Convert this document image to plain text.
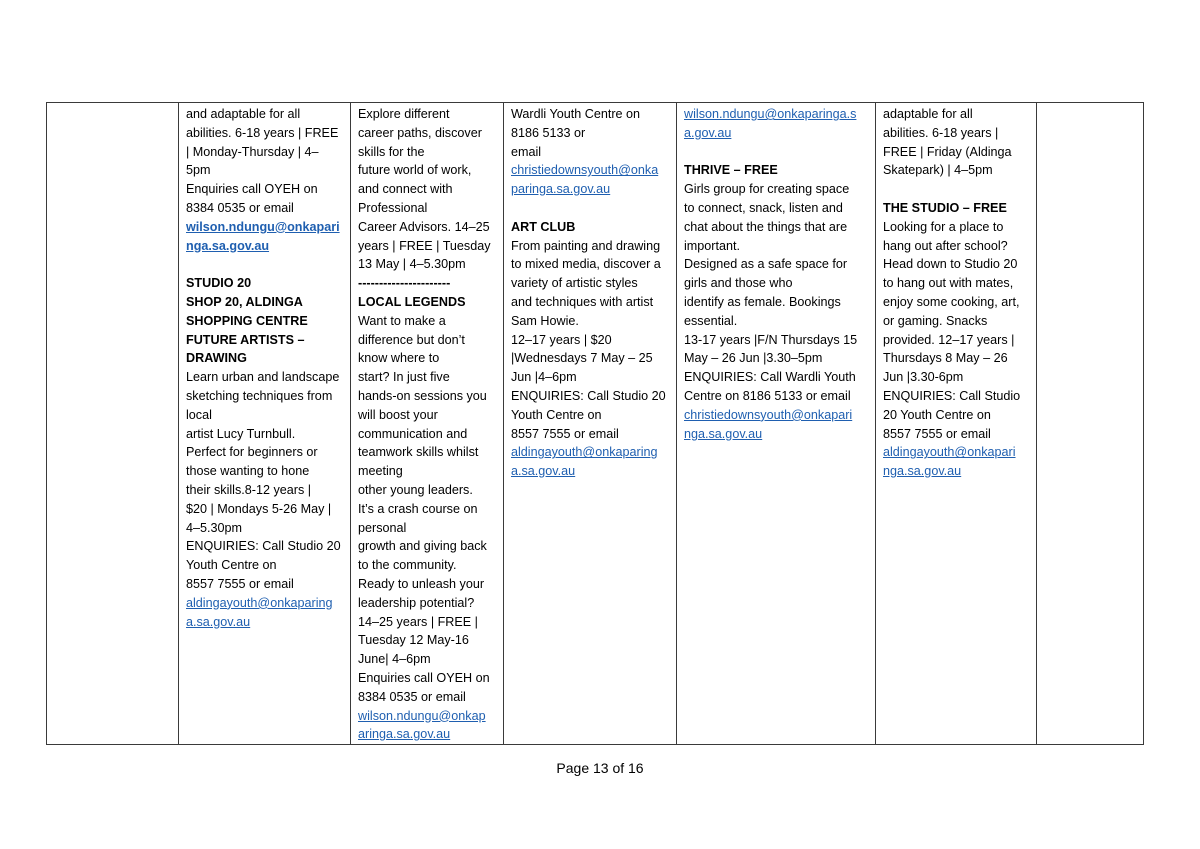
and adaptable for all
abilities. 6-18 years | FREE
| Monday-Thursday | 4–
5pm
Enquiries call OYEH on
8384 0535 or email
wilson.ndungu@onkapari
nga.sa.gov.au
STUDIO 20
SHOP 20, ALDINGA
SHOPPING CENTRE
FUTURE ARTISTS –
DRAWING
Learn urban and landscape
sketching techniques from
local
artist Lucy Turnbull.
Perfect for beginners or
those wanting to hone
their skills.8-12 years |
$20 | Mondays 5-26 May |
4–5.30pm
ENQUIRIES: Call Studio 20
Youth Centre on
8557 7555 or email
aldingayouth@onkaparing
a.sa.gov.au

Explore different
career paths, discover
skills for the
future world of work,
and connect with
Professional
Career Advisors. 14–25
years | FREE | Tuesday
13 May | 4–5.30pm
----------------------
LOCAL LEGENDS
Want to make a
difference but don’t
know where to
start? In just five
hands-on sessions you
will boost your
communication and
teamwork skills whilst
meeting
other young leaders.
It’s a crash course on
personal
growth and giving back
to the community.
Ready to unleash your
leadership potential?
14–25 years | FREE |
Tuesday 12 May-16
June| 4–6pm
Enquiries call OYEH on
8384 0535 or email
wilson.ndungu@onkap
aringa.sa.gov.au

Wardli Youth Centre on
8186 5133 or
email
christiedownsyouth@onka
paringa.sa.gov.au
ART CLUB
From painting and drawing
to mixed media, discover a
variety of artistic styles
and techniques with artist
Sam Howie.
12–17 years | $20
|Wednesdays 7 May – 25
Jun |4–6pm
ENQUIRIES: Call Studio 20
Youth Centre on
8557 7555 or email
aldingayouth@onkaparing
a.sa.gov.au

wilson.ndungu@onkaparinga.s
a.gov.au
THRIVE – FREE
Girls group for creating space
to connect, snack, listen and
chat about the things that are
important.
Designed as a safe space for
girls and those who
identify as female. Bookings
essential.
13-17 years |F/N Thursdays 15
May – 26 Jun |3.30–5pm
ENQUIRIES: Call Wardli Youth
Centre on 8186 5133 or email
christiedownsyouth@onkapari
nga.sa.gov.au

adaptable for all
abilities. 6-18 years |
FREE | Friday (Aldinga
Skatepark) | 4–5pm
THE STUDIO – FREE
Looking for a place to
hang out after school?
Head down to Studio 20
to hang out with mates,
enjoy some cooking, art,
or gaming. Snacks
provided. 12–17 years |
Thursdays 8 May – 26
Jun |3.30-6pm
ENQUIRIES: Call Studio
20 Youth Centre on
8557 7555 or email
aldingayouth@onkapari
nga.sa.gov.au

Page 13 of 16
